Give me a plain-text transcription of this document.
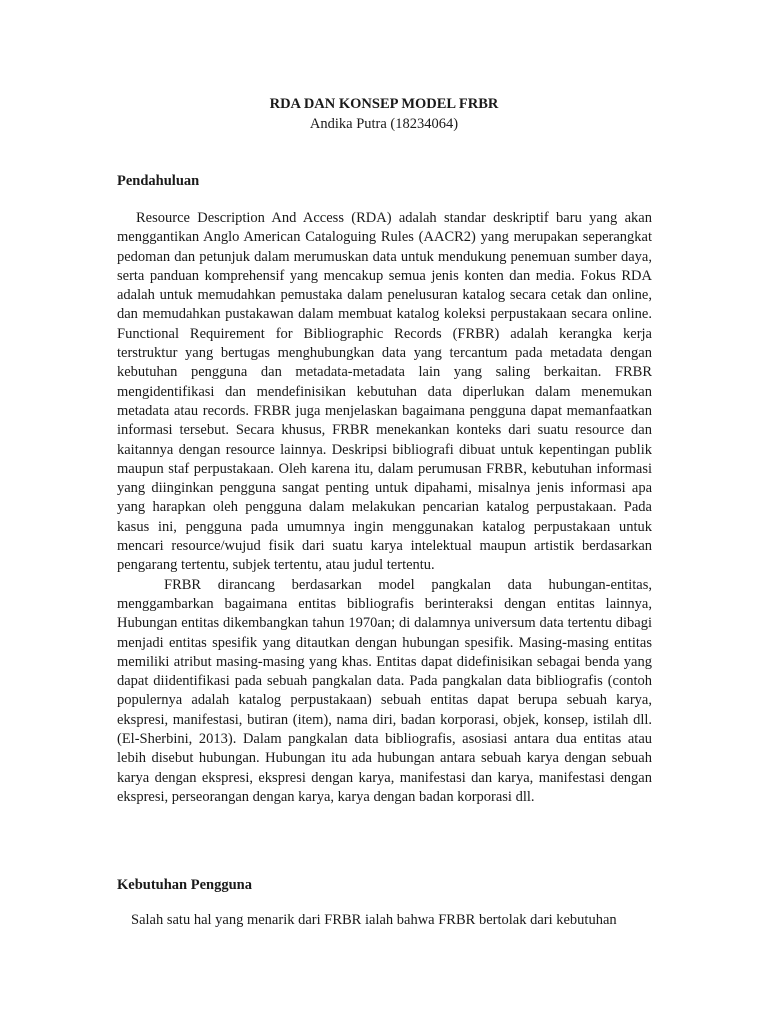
RDA DAN KONSEP MODEL FRBR
Andika Putra (18234064)
Pendahuluan

Resource Description And Access (RDA) adalah standar deskriptif baru yang akan menggantikan Anglo American Cataloguing Rules (AACR2) yang merupakan seperangkat pedoman dan petunjuk dalam merumuskan data untuk mendukung penemuan sumber daya, serta panduan komprehensif yang mencakup semua jenis konten dan media. Fokus RDA adalah untuk memudahkan pemustaka dalam penelusuran katalog secara cetak dan online, dan memudahkan pustakawan dalam membuat katalog koleksi perpustakaan secara online. Functional Requirement for Bibliographic Records (FRBR) adalah kerangka kerja terstruktur yang bertugas menghubungkan data yang tercantum pada metadata dengan kebutuhan pengguna dan metadata-metadata lain yang saling berkaitan. FRBR mengidentifikasi dan mendefinisikan kebutuhan data diperlukan dalam menemukan metadata atau records. FRBR juga menjelaskan bagaimana pengguna dapat memanfaatkan informasi tersebut. Secara khusus, FRBR menekankan konteks dari suatu resource dan kaitannya dengan resource lainnya. Deskripsi bibliografi dibuat untuk kepentingan publik maupun staf perpustakaan. Oleh karena itu, dalam perumusan FRBR, kebutuhan informasi yang diinginkan pengguna sangat penting untuk dipahami, misalnya jenis informasi apa yang harapkan oleh pengguna dalam melakukan pencarian katalog perpustakaan. Pada kasus ini, pengguna pada umumnya ingin menggunakan katalog perpustakaan untuk mencari resource/wujud fisik dari suatu karya intelektual maupun artistik berdasarkan pengarang tertentu, subjek tertentu, atau judul tertentu.

FRBR dirancang berdasarkan model pangkalan data hubungan-entitas, menggambarkan bagaimana entitas bibliografis berinteraksi dengan entitas lainnya, Hubungan entitas dikembangkan tahun 1970an; di dalamnya universum data tertentu dibagi menjadi entitas spesifik yang ditautkan dengan hubungan spesifik. Masing-masing entitas memiliki atribut masing-masing yang khas. Entitas dapat didefinisikan sebagai benda yang dapat diidentifikasi pada sebuah pangkalan data. Pada pangkalan data bibliografis (contoh populernya adalah katalog perpustakaan) sebuah entitas dapat berupa sebuah karya, ekspresi, manifestasi, butiran (item), nama diri, badan korporasi, objek, konsep, istilah dll. (El-Sherbini, 2013). Dalam pangkalan data bibliografis, asosiasi antara dua entitas atau lebih disebut hubungan. Hubungan itu ada hubungan antara sebuah karya dengan sebuah karya dengan ekspresi, ekspresi dengan karya, manifestasi dan karya, manifestasi dengan ekspresi, perseorangan dengan karya, karya dengan badan korporasi dll.

Kebutuhan Pengguna

Salah satu hal yang menarik dari FRBR ialah bahwa FRBR bertolak dari kebutuhan
